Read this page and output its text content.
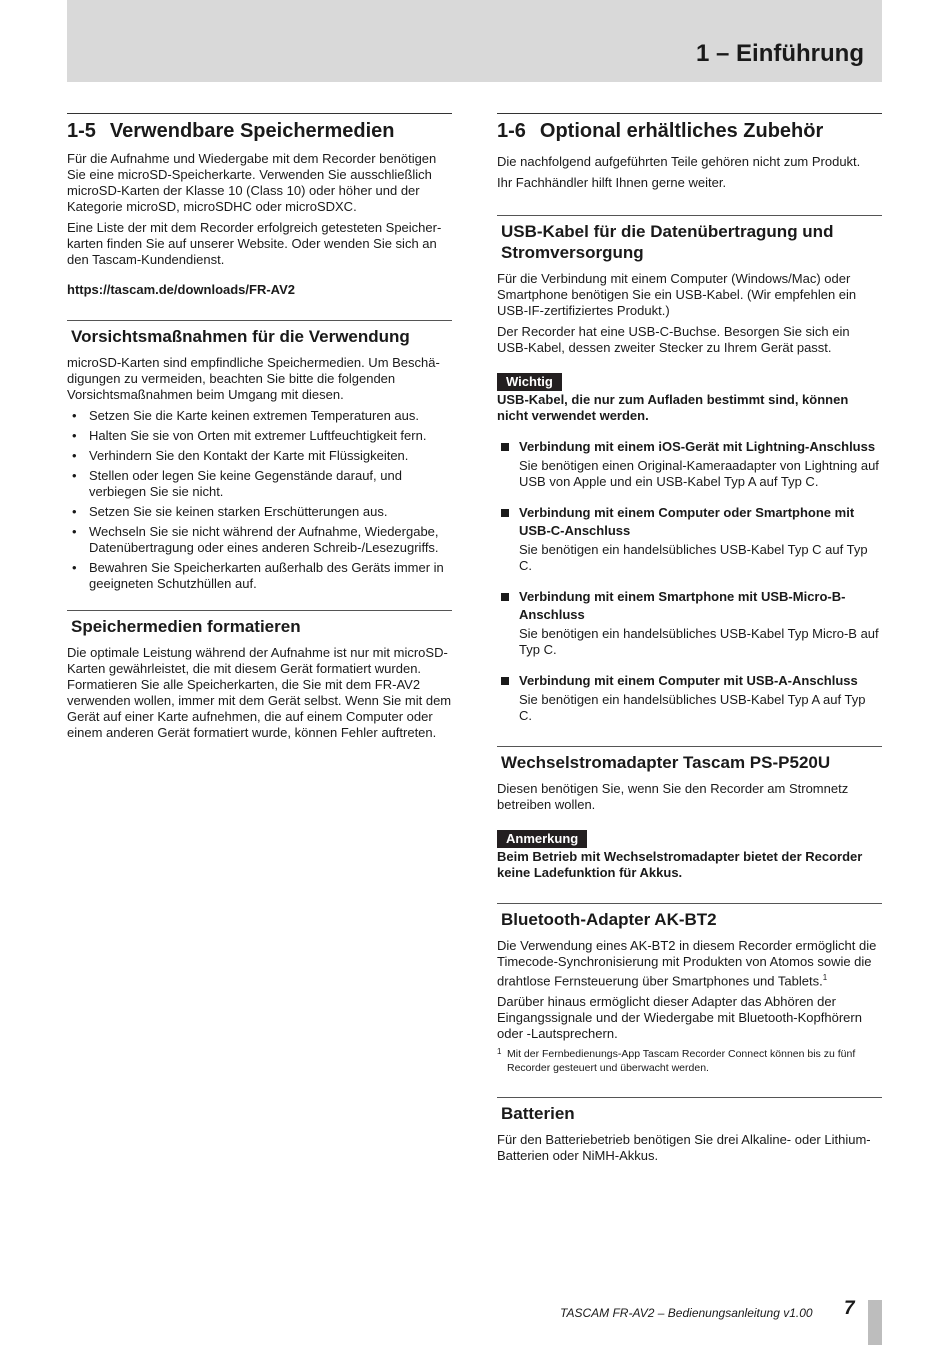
1 – Einführung
1-5 Verwendbare Speichermedien

Für die Aufnahme und Wiedergabe mit dem Recorder benötigen Sie eine microSD-Speicherkarte. Verwenden Sie ausschließlich microSD-Karten der Klasse 10 (Class 10) oder höher und der Kategorie microSD, microSDHC oder microSDXC.

Eine Liste der mit dem Recorder erfolgreich getesteten Speicherkarten finden Sie auf unserer Website. Oder wenden Sie sich an den Tascam-Kundendienst.

https://tascam.de/downloads/FR-AV2

Vorsichtsmaßnahmen für die Verwendung

microSD-Karten sind empfindliche Speichermedien. Um Beschädigungen zu vermeiden, beachten Sie bitte die folgenden Vorsichtsmaßnahmen beim Umgang mit diesen.

• Setzen Sie die Karte keinen extremen Temperaturen aus.
• Halten Sie sie von Orten mit extremer Luftfeuchtigkeit fern.
• Verhindern Sie den Kontakt der Karte mit Flüssigkeiten.
• Stellen oder legen Sie keine Gegenstände darauf, und verbiegen Sie sie nicht.
• Setzen Sie sie keinen starken Erschütterungen aus.
• Wechseln Sie sie nicht während der Aufnahme, Wiedergabe, Datenübertragung oder eines anderen Schreib-/Lesezugriffs.
• Bewahren Sie Speicherkarten außerhalb des Geräts immer in geeigneten Schutzhüllen auf.
Speichermedien formatieren

Die optimale Leistung während der Aufnahme ist nur mit microSD-Karten gewährleistet, die mit diesem Gerät formatiert wurden. Formatieren Sie alle Speicherkarten, die Sie mit dem FR-AV2 verwenden wollen, immer mit dem Gerät selbst. Wenn Sie mit dem Gerät auf einer Karte aufnehmen, die auf einem Computer oder einem anderen Gerät formatiert wurde, können Fehler auftreten.

1-6 Optional erhältliches Zubehör

Die nachfolgend aufgeführten Teile gehören nicht zum Produkt.

Ihr Fachhändler hilft Ihnen gerne weiter.

USB-Kabel für die Datenübertragung und Stromversorgung

Für die Verbindung mit einem Computer (Windows/Mac) oder Smartphone benötigen Sie ein USB-Kabel. (Wir empfehlen ein USB-IF-zertifiziertes Produkt.)

Der Recorder hat eine USB-C-Buchse. Besorgen Sie sich ein USB-Kabel, dessen zweiter Stecker zu Ihrem Gerät passt.

Wichtig

USB-Kabel, die nur zum Aufladen bestimmt sind, können nicht verwendet werden.

Verbindung mit einem iOS-Gerät mit Lightning-Anschluss
Sie benötigen einen Original-Kameraadapter von Lightning auf USB von Apple und ein USB-Kabel Typ A auf Typ C.
Verbindung mit einem Computer oder Smartphone mit USB-C-Anschluss
Sie benötigen ein handelsübliches USB-Kabel Typ C auf Typ C.
Verbindung mit einem Smartphone mit USB-Micro-B-Anschluss
Sie benötigen ein handelsübliches USB-Kabel Typ Micro-B auf Typ C.
Verbindung mit einem Computer mit USB-A-Anschluss
Sie benötigen ein handelsübliches USB-Kabel Typ A auf Typ C.
Wechselstromadapter Tascam PS-P520U

Diesen benötigen Sie, wenn Sie den Recorder am Stromnetz betreiben wollen.

Anmerkung

Beim Betrieb mit Wechselstromadapter bietet der Recorder keine Ladefunktion für Akkus.

Bluetooth-Adapter AK-BT2

Die Verwendung eines AK-BT2 in diesem Recorder ermöglicht die Timecode-Synchronisierung mit Produkten von Atomos sowie die drahtlose Fernsteuerung über Smartphones und Tablets.$^1$

Darüber hinaus ermöglicht dieser Adapter das Abhören der Eingangssignale und der Wiedergabe mit Bluetooth-Kopfhörern oder -Lautsprechern.

1 Mit der Fernbedienungs-App Tascam Recorder Connect können bis zu fünf Recorder gesteuert und überwacht werden.
Batterien

Für den Batteriebetrieb benötigen Sie drei Alkaline- oder Lithium-Batterien oder NiMH-Akkus.

TASCAM FR-AV2 – Bedienungsanleitung v1.00 7
